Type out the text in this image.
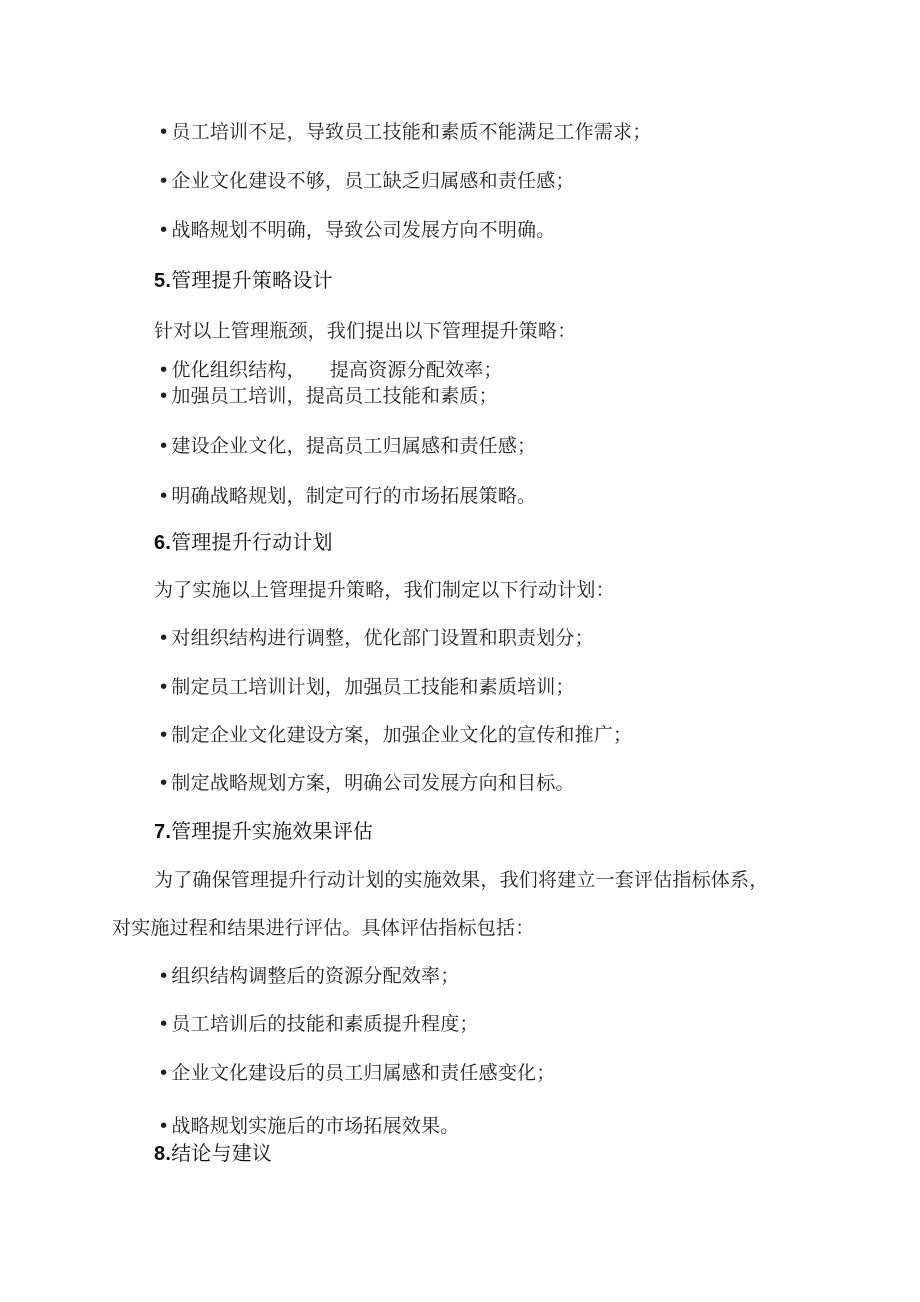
• 员工培训不足，导致员工技能和素质不能满足工作需求；
• 企业文化建设不够，员工缺乏归属感和责任感；
• 战略规划不明确，导致公司发展方向不明确。
5.管理提升策略设计
针对以上管理瓶颈，我们提出以下管理提升策略：
• 优化组织结构， 提高资源分配效率；
• 加强员工培训，提高员工技能和素质；
• 建设企业文化，提高员工归属感和责任感；
• 明确战略规划，制定可行的市场拓展策略。
6.管理提升行动计划
为了实施以上管理提升策略，我们制定以下行动计划：
• 对组织结构进行调整，优化部门设置和职责划分；
• 制定员工培训计划，加强员工技能和素质培训；
• 制定企业文化建设方案，加强企业文化的宣传和推广；
• 制定战略规划方案，明确公司发展方向和目标。
7.管理提升实施效果评估
为了确保管理提升行动计划的实施效果，我们将建立一套评估指标体系，
对实施过程和结果进行评估。具体评估指标包括：
• 组织结构调整后的资源分配效率；
• 员工培训后的技能和素质提升程度；
• 企业文化建设后的员工归属感和责任感变化；
• 战略规划实施后的市场拓展效果。
8.结论与建议
